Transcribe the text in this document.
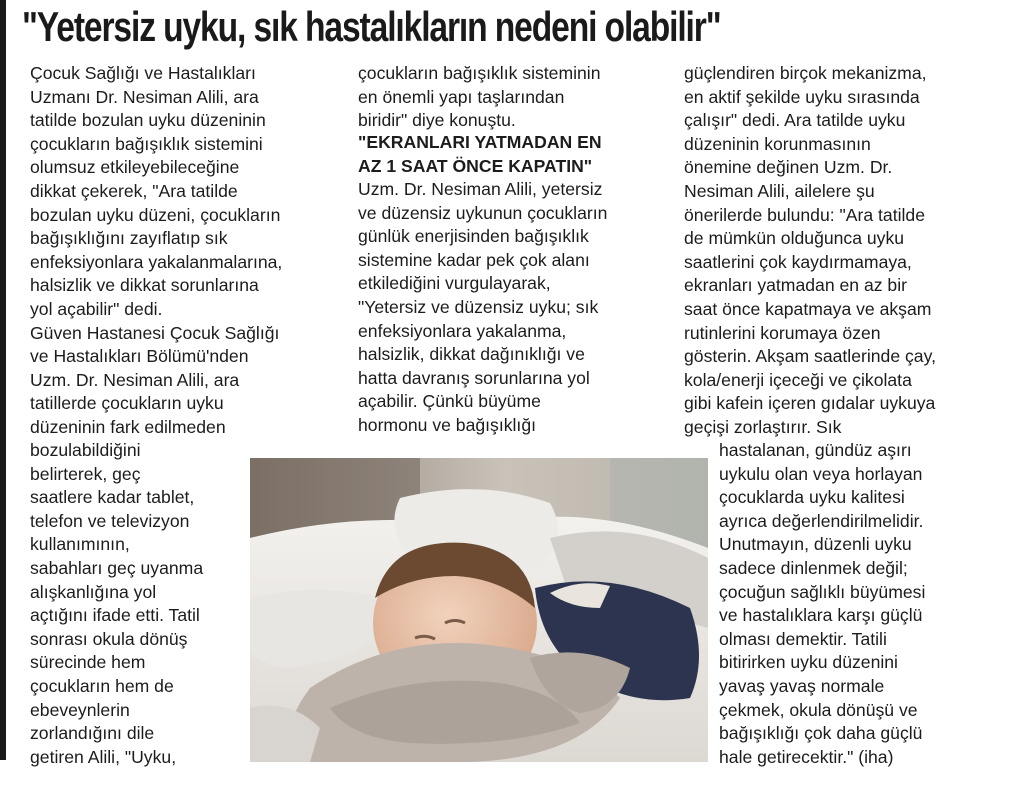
"Yetersiz uyku, sık hastalıkların nedeni olabilir"

Çocuk Sağlığı ve Hastalıkları
Uzmanı Dr. Nesiman Alili, ara
tatilde bozulan uyku düzeninin
çocukların bağışıklık sistemini
olumsuz etkileyebileceğine
dikkat çekerek, "Ara tatilde
bozulan uyku düzeni, çocukların
bağışıklığını zayıflatıp sık
enfeksiyonlara yakalanmalarına,
halsizlik ve dikkat sorunlarına
yol açabilir" dedi.
Güven Hastanesi Çocuk Sağlığı
ve Hastalıkları Bölümü'nden
Uzm. Dr. Nesiman Alili, ara
tatillerde çocukların uyku
düzeninin fark edilmeden

bozulabildiğini
belirterek, geç
saatlere kadar tablet,
telefon ve televizyon
kullanımının,
sabahları geç uyanma
alışkanlığına yol
açtığını ifade etti. Tatil
sonrası okula dönüş
sürecinde hem
çocukların hem de
ebeveynlerin
zorlandığını dile
getiren Alili, "Uyku,

çocukların bağışıklık sisteminin
en önemli yapı taşlarından
biridir" diye konuştu.

"EKRANLARI YATMADAN EN
AZ 1 SAAT ÖNCE KAPATIN"

Uzm. Dr. Nesiman Alili, yetersiz
ve düzensiz uykunun çocukların
günlük enerjisinden bağışıklık
sistemine kadar pek çok alanı
etkilediğini vurgulayarak,
"Yetersiz ve düzensiz uyku; sık
enfeksiyonlara yakalanma,
halsizlik, dikkat dağınıklığı ve
hatta davranış sorunlarına yol
açabilir. Çünkü büyüme
hormonu ve bağışıklığı

güçlendiren birçok mekanizma,
en aktif şekilde uyku sırasında
çalışır" dedi. Ara tatilde uyku
düzeninin korunmasının
önemine değinen Uzm. Dr.
Nesiman Alili, ailelere şu
önerilerde bulundu: "Ara tatilde
de mümkün olduğunca uyku
saatlerini çok kaydırmamaya,
ekranları yatmadan en az bir
saat önce kapatmaya ve akşam
rutinlerini korumaya özen
gösterin. Akşam saatlerinde çay,
kola/enerji içeceği ve çikolata
gibi kafein içeren gıdalar uykuya
geçişi zorlaştırır. Sık

hastalanan, gündüz aşırı
uykulu olan veya horlayan
çocuklarda uyku kalitesi
ayrıca değerlendirilmelidir.
Unutmayın, düzenli uyku
sadece dinlenmek değil;
çocuğun sağlıklı büyümesi
ve hastalıklara karşı güçlü
olması demektir. Tatili
bitirirken uyku düzenini
yavaş yavaş normale
çekmek, okula dönüşü ve
bağışıklığı çok daha güçlü
hale getirecektir." (iha)
